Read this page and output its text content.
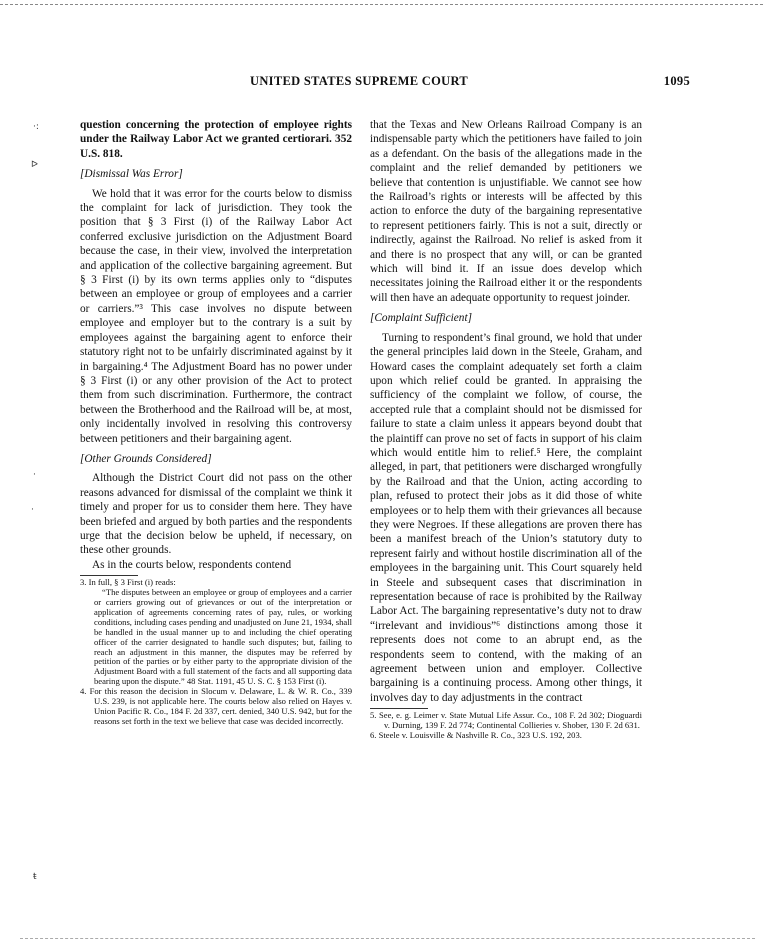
UNITED STATES SUPREME COURT	1095
·:
ᐅ
·
·
ŧ

question concerning the protection of employee rights under the Railway Labor Act we granted certiorari. 352 U.S. 818.

[Dismissal Was Error]

We hold that it was error for the courts below to dismiss the complaint for lack of jurisdiction. They took the position that § 3 First (i) of the Railway Labor Act conferred exclusive jurisdiction on the Adjustment Board because the case, in their view, involved the interpretation and application of the collective bargaining agreement. But § 3 First (i) by its own terms applies only to “disputes between an employee or group of employees and a carrier or carriers.”³ This case involves no dispute between employee and employer but to the contrary is a suit by employees against the bargaining agent to enforce their statutory right not to be unfairly discriminated against by it in bargaining.⁴ The Adjustment Board has no power under § 3 First (i) or any other provision of the Act to protect them from such discrimination. Furthermore, the contract between the Brotherhood and the Railroad will be, at most, only incidentally involved in resolving this controversy between petitioners and their bargaining agent.

[Other Grounds Considered]

Although the District Court did not pass on the other reasons advanced for dismissal of the complaint we think it timely and proper for us to consider them here. They have been briefed and argued by both parties and the respondents urge that the decision below be upheld, if necessary, on these other grounds.

As in the courts below, respondents contend

3. In full, § 3 First (i) reads:

“The disputes between an employee or group of employees and a carrier or carriers growing out of grievances or out of the interpretation or application of agreements concerning rates of pay, rules, or working conditions, including cases pending and unadjusted on June 21, 1934, shall be handled in the usual manner up to and including the chief operating officer of the carrier designated to handle such disputes; but, failing to reach an adjustment in this manner, the disputes may be referred by petition of the parties or by either party to the appropriate division of the Adjustment Board with a full statement of the facts and all supporting data bearing upon the dispute.” 48 Stat. 1191, 45 U. S. C. § 153 First (i).

4. For this reason the decision in Slocum v. Delaware, L. & W. R. Co., 339 U.S. 239, is not applicable here. The courts below also relied on Hayes v. Union Pacific R. Co., 184 F. 2d 337, cert. denied, 340 U.S. 942, but for the reasons set forth in the text we believe that case was decided incorrectly.

that the Texas and New Orleans Railroad Company is an indispensable party which the petitioners have failed to join as a defendant. On the basis of the allegations made in the complaint and the relief demanded by petitioners we believe that contention is unjustifiable. We cannot see how the Railroad’s rights or interests will be affected by this action to enforce the duty of the bargaining representative to represent petitioners fairly. This is not a suit, directly or indirectly, against the Railroad. No relief is asked from it and there is no prospect that any will, or can be granted which will bind it. If an issue does develop which necessitates joining the Railroad either it or the respondents will then have an adequate opportunity to request joinder.

[Complaint Sufficient]

Turning to respondent’s final ground, we hold that under the general principles laid down in the Steele, Graham, and Howard cases the complaint adequately set forth a claim upon which relief could be granted. In appraising the sufficiency of the complaint we follow, of course, the accepted rule that a complaint should not be dismissed for failure to state a claim unless it appears beyond doubt that the plaintiff can prove no set of facts in support of his claim which would entitle him to relief.⁵ Here, the complaint alleged, in part, that petitioners were discharged wrongfully by the Railroad and that the Union, acting according to plan, refused to protect their jobs as it did those of white employees or to help them with their grievances all because they were Negroes. If these allegations are proven there has been a manifest breach of the Union’s statutory duty to represent fairly and without hostile discrimination all of the employees in the bargaining unit. This Court squarely held in Steele and subsequent cases that discrimination in representation because of race is prohibited by the Railway Labor Act. The bargaining representative’s duty not to draw “irrelevant and invidious”⁶ distinctions among those it represents does not come to an abrupt end, as the respondents seem to contend, with the making of an agreement between union and employer. Collective bargaining is a continuing process. Among other things, it involves day to day adjustments in the contract

5. See, e. g. Leimer v. State Mutual Life Assur. Co., 108 F. 2d 302; Dioguardi v. Durning, 139 F. 2d 774; Continental Collieries v. Shober, 130 F. 2d 631.

6. Steele v. Louisville & Nashville R. Co., 323 U.S. 192, 203.
